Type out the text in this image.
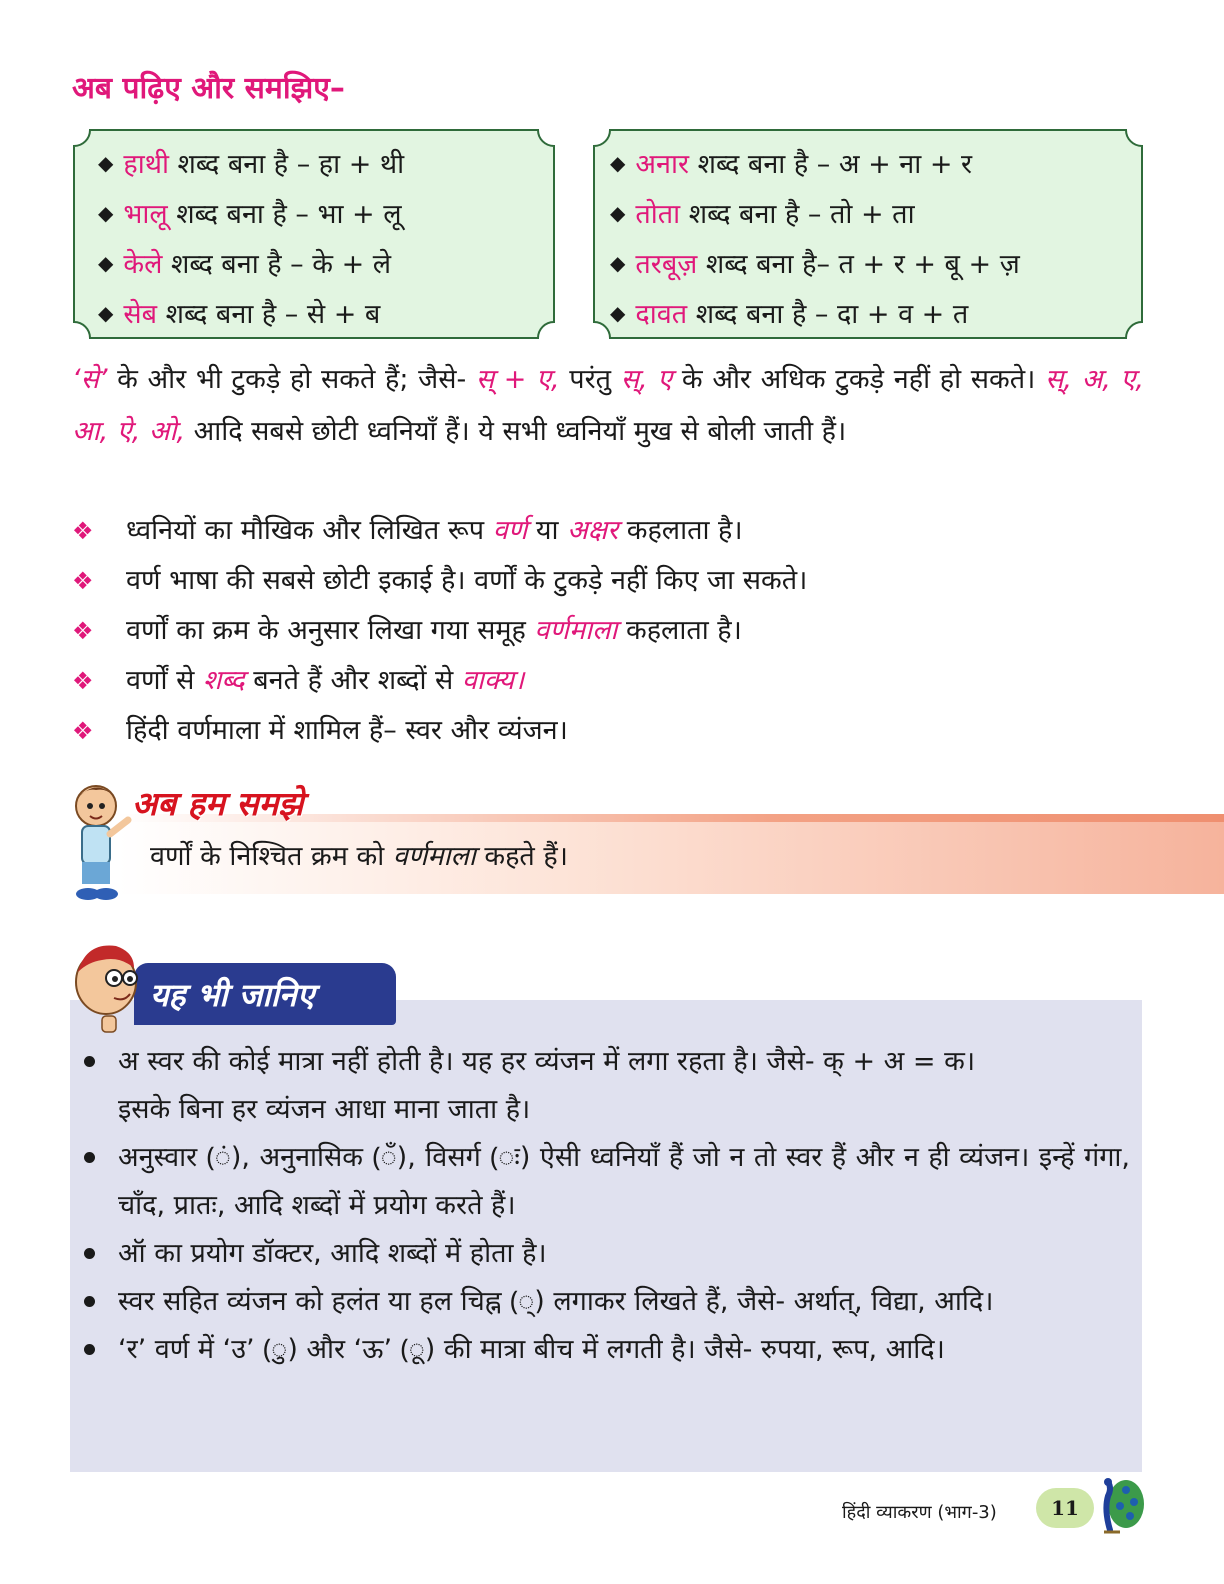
अब पढ़िए और समझिए–
◆ हाथी शब्द बना है – हा + थी
◆ भालू शब्द बना है – भा + लू
◆ केले शब्द बना है – के + ले
◆ सेब शब्द बना है – से + ब
◆ अनार शब्द बना है – अ + ना + र
◆ तोता शब्द बना है – तो + ता
◆ तरबूज़ शब्द बना है– त + र + बू + ज़
◆ दावत शब्द बना है – दा + व + त

‘से’ के और भी टुकड़े हो सकते हैं; जैसे- स् + ए, परंतु स्, ए के और अधिक टुकड़े नहीं हो सकते। स्, अ, ए, आ, ऐ, ओ, आदि सबसे छोटी ध्वनियाँ हैं। ये सभी ध्वनियाँ मुख से बोली जाती हैं।

❖ ध्वनियों का मौखिक और लिखित रूप वर्ण या अक्षर कहलाता है।
❖ वर्ण भाषा की सबसे छोटी इकाई है। वर्णों के टुकड़े नहीं किए जा सकते।
❖ वर्णों का क्रम के अनुसार लिखा गया समूह वर्णमाला कहलाता है।
❖ वर्णों से शब्द बनते हैं और शब्दों से वाक्य।
❖ हिंदी वर्णमाला में शामिल हैं– स्वर और व्यंजन।
अब हम समझे
वर्णों के निश्चित क्रम को वर्णमाला कहते हैं।
यह भी जानिए
अ स्वर की कोई मात्रा नहीं होती है। यह हर व्यंजन में लगा रहता है। जैसे- क् + अ = क।
इसके बिना हर व्यंजन आधा माना जाता है।
अनुस्वार (ं), अनुनासिक (ँ), विसर्ग (ः) ऐसी ध्वनियाँ हैं जो न तो स्वर हैं और न ही व्यंजन। इन्हें गंगा, चाँद, प्रातः, आदि शब्दों में प्रयोग करते हैं।
ऑ का प्रयोग डॉक्टर, आदि शब्दों में होता है।
स्वर सहित व्यंजन को हलंत या हल चिह्न (्) लगाकर लिखते हैं, जैसे- अर्थात्, विद्या, आदि।
‘र’ वर्ण में ‘उ’ (ु) और ‘ऊ’ (ू) की मात्रा बीच में लगती है। जैसे- रुपया, रूप, आदि।
हिंदी व्याकरण (भाग-3)	11
